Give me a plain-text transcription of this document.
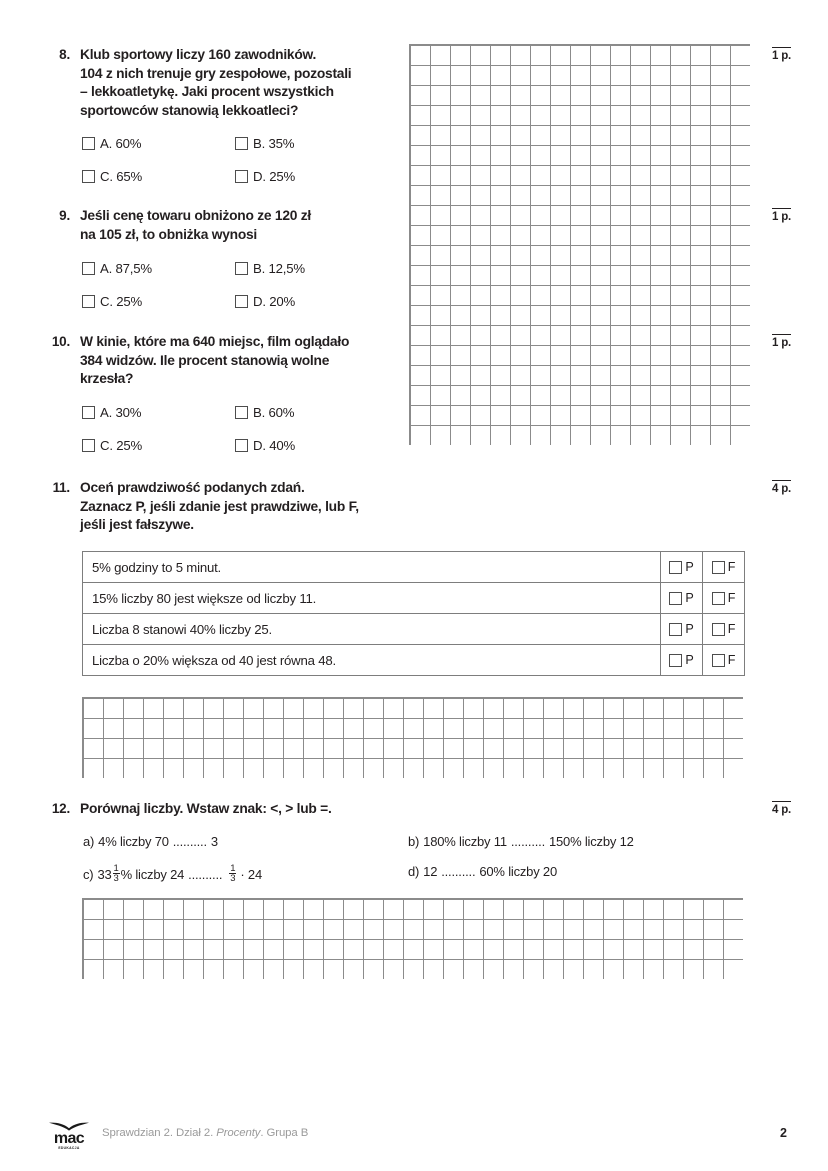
8. Klub sportowy liczy 160 zawodników.
104 z nich trenuje gry zespołowe, pozostali
– lekkoatletykę. Jaki procent wszystkich
sportowców stanowią lekkoatleci?
A. 60%	B. 35%
C. 65%	D. 25%
1 p.
9. Jeśli cenę towaru obniżono ze 120 zł
na 105 zł, to obniżka wynosi
A. 87,5%	B. 12,5%
C. 25%	D. 20%
1 p.
10. W kinie, które ma 640 miejsc, film oglądało
384 widzów. Ile procent stanowią wolne
krzesła?
A. 30%	B. 60%
C. 25%	D. 40%
1 p.
11. Oceń prawdziwość podanych zdań.
Zaznacz P, jeśli zdanie jest prawdziwe, lub F,
jeśli jest fałszywe.
4 p.
5% godziny to 5 minut.	P	F

15% liczby 80 jest większe od liczby 11.	P	F

Liczba 8 stanowi 40% liczby 25.	P	F

Liczba o 20% większa od 40 jest równa 48.	P	F
12. Porównaj liczby. Wstaw znak: <, > lub =.	4 p.
a) 4% liczby 70 .......... 3	b) 180% liczby 11 .......... 150% liczby 12
c) $33 \frac{1}{3}$ % liczby 24 .......... $\frac{1}{3} \cdot 24$	d) 12 .......... 60% liczby 20
mac
EDUKACJA
Sprawdzian 2. Dział 2. Procenty. Grupa B	2
